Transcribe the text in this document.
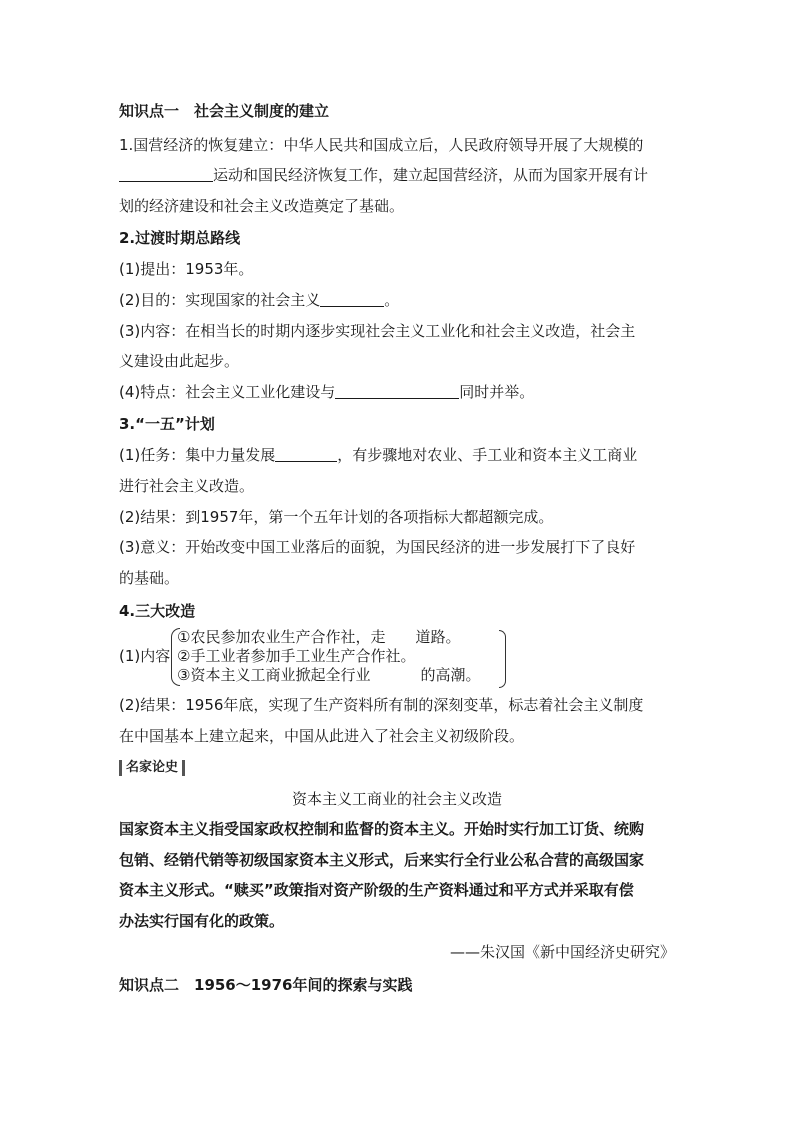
知识点一　社会主义制度的建立
1.国营经济的恢复建立：中华人民共和国成立后，人民政府领导开展了大规模的
运动和国民经济恢复工作，建立起国营经济，从而为国家开展有计
划的经济建设和社会主义改造奠定了基础。
2.过渡时期总路线
(1)提出：1953年。
(2)目的：实现国家的社会主义	。
(3)内容：在相当长的时期内逐步实现社会主义工业化和社会主义改造，社会主
义建设由此起步。
(4)特点：社会主义工业化建设与	同时并举。
3.“一五”计划
(1)任务：集中力量发展	，有步骤地对农业、手工业和资本主义工商业
进行社会主义改造。
(2)结果：到1957年，第一个五年计划的各项指标大都超额完成。
(3)意义：开始改变中国工业落后的面貌，为国民经济的进一步发展打下了良好
的基础。
4.三大改造
(1)内容
①农民参加农业生产合作社，走 道路。
②手工业者参加手工业生产合作社。
③资本主义工商业掀起全行业	的高潮。
(2)结果：1956年底，实现了生产资料所有制的深刻变革，标志着社会主义制度
在中国基本上建立起来，中国从此进入了社会主义初级阶段。
名家论史
资本主义工商业的社会主义改造
国家资本主义指受国家政权控制和监督的资本主义。开始时实行加工订货、统购
包销、经销代销等初级国家资本主义形式，后来实行全行业公私合营的高级国家
资本主义形式。“赎买”政策指对资产阶级的生产资料通过和平方式并采取有偿
办法实行国有化的政策。
——朱汉国《新中国经济史研究》
知识点二　1956～1976年间的探索与实践
